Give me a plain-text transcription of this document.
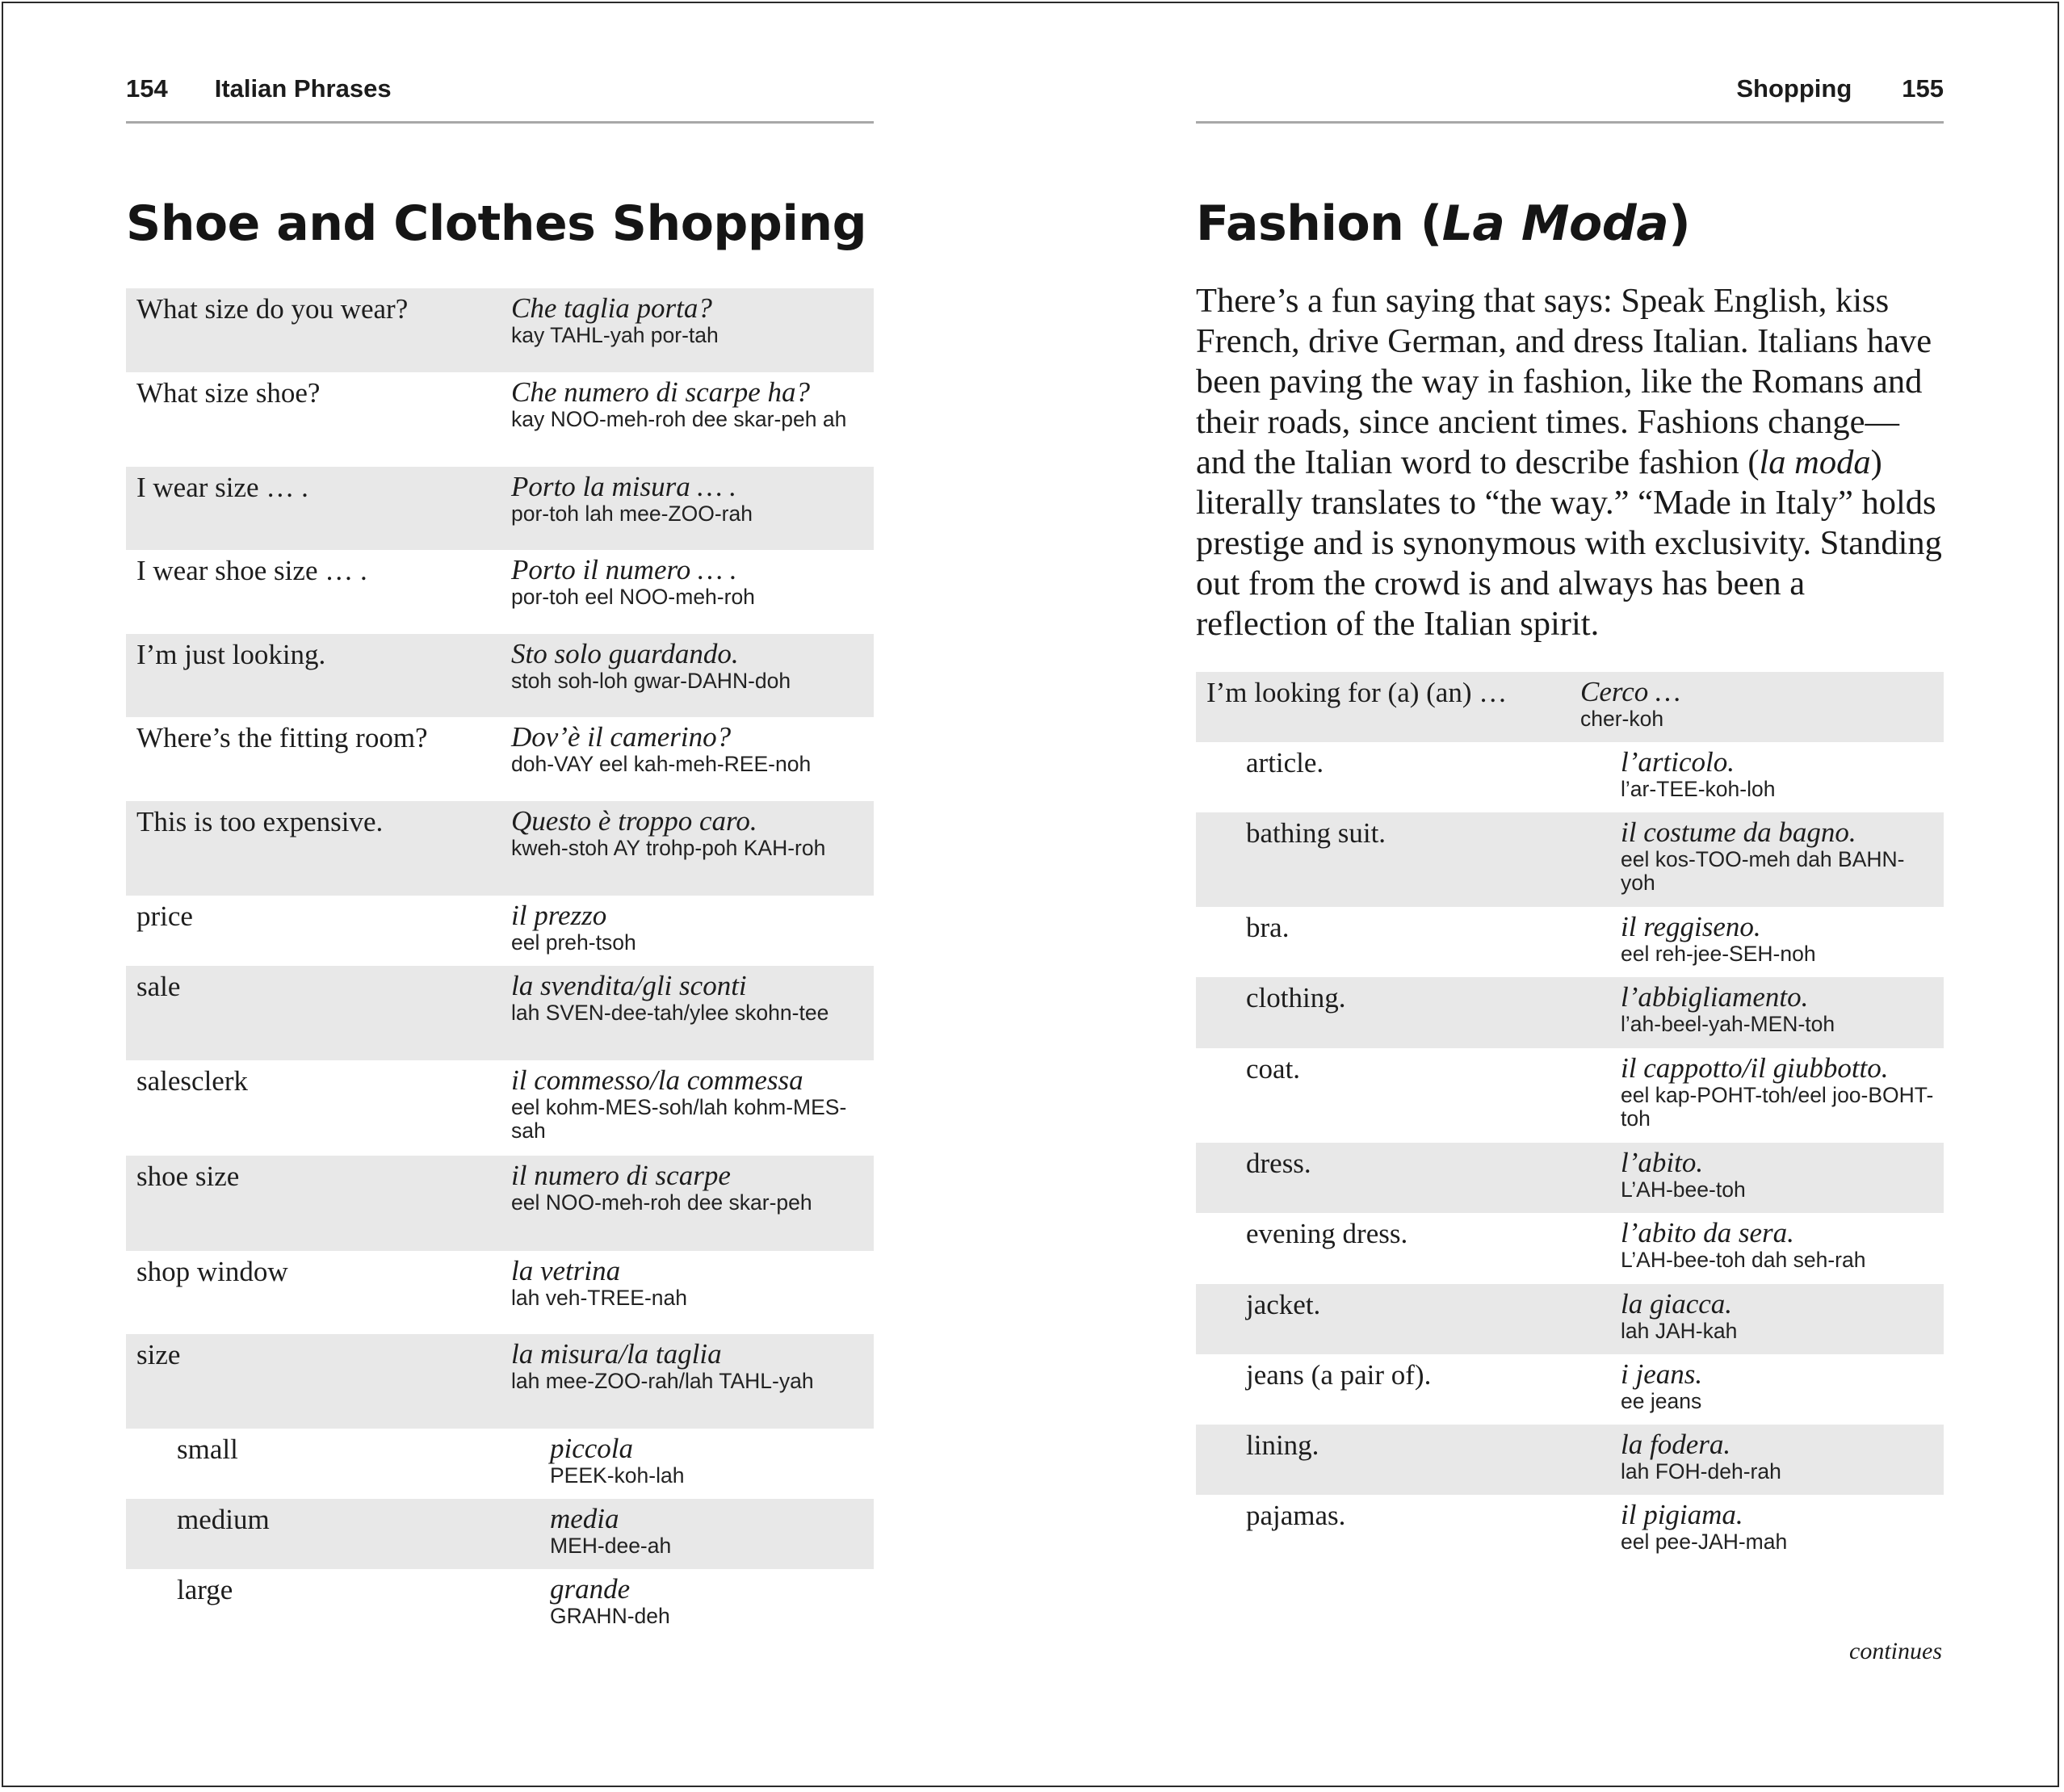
154 Italian Phrases
Shoe and Clothes Shopping
What size do you wear?	Che taglia porta?
kay TAHL-yah por-tah
What size shoe?	Che numero di scarpe ha?
kay NOO-meh-roh dee skar-peh ah
I wear size … .	Porto la misura … .
por-toh lah mee-ZOO-rah
I wear shoe size … .	Porto il numero … .
por-toh eel NOO-meh-roh
I’m just looking.	Sto solo guardando.
stoh soh-loh gwar-DAHN-doh
Where’s the fitting room?	Dov’è il camerino?
doh-VAY eel kah-meh-REE-noh
This is too expensive.	Questo è troppo caro.
kweh-stoh AY trohp-poh KAH-roh
price	il prezzo
eel preh-tsoh
sale	la svendita/gli sconti
lah SVEN-dee-tah/ylee skohn-tee
salesclerk	il commesso/la commessa
eel kohm-MES-soh/lah kohm-MES-sah
shoe size	il numero di scarpe
eel NOO-meh-roh dee skar-peh
shop window	la vetrina
lah veh-TREE-nah
size	la misura/la taglia
lah mee-ZOO-rah/lah TAHL-yah
small	piccola
PEEK-koh-lah
medium	media
MEH-dee-ah
large	grande
GRAHN-deh
Shopping 155
Fashion (La Moda)

There’s a fun saying that says: Speak English, kiss French, drive German, and dress Italian. Italians have been paving the way in fashion, like the Romans and their roads, since ancient times. Fashions change—and the Italian word to describe fashion (la moda) literally translates to “the way.” “Made in Italy” holds prestige and is synonymous with exclusivity. Standing out from the crowd is and always has been a reflection of the Italian spirit.

I’m looking for (a) (an) …	Cerco …
cher-koh
article.	l’articolo.
l’ar-TEE-koh-loh
bathing suit.	il costume da bagno.
eel kos-TOO-meh dah BAHN-yoh
bra.	il reggiseno.
eel reh-jee-SEH-noh
clothing.	l’abbigliamento.
l’ah-beel-yah-MEN-toh
coat.	il cappotto/il giubbotto.
eel kap-POHT-toh/eel joo-BOHT-toh
dress.	l’abito.
L’AH-bee-toh
evening dress.	l’abito da sera.
L’AH-bee-toh dah seh-rah
jacket.	la giacca.
lah JAH-kah
jeans (a pair of).	i jeans.
ee jeans
lining.	la fodera.
lah FOH-deh-rah
pajamas.	il pigiama.
eel pee-JAH-mah
continues
